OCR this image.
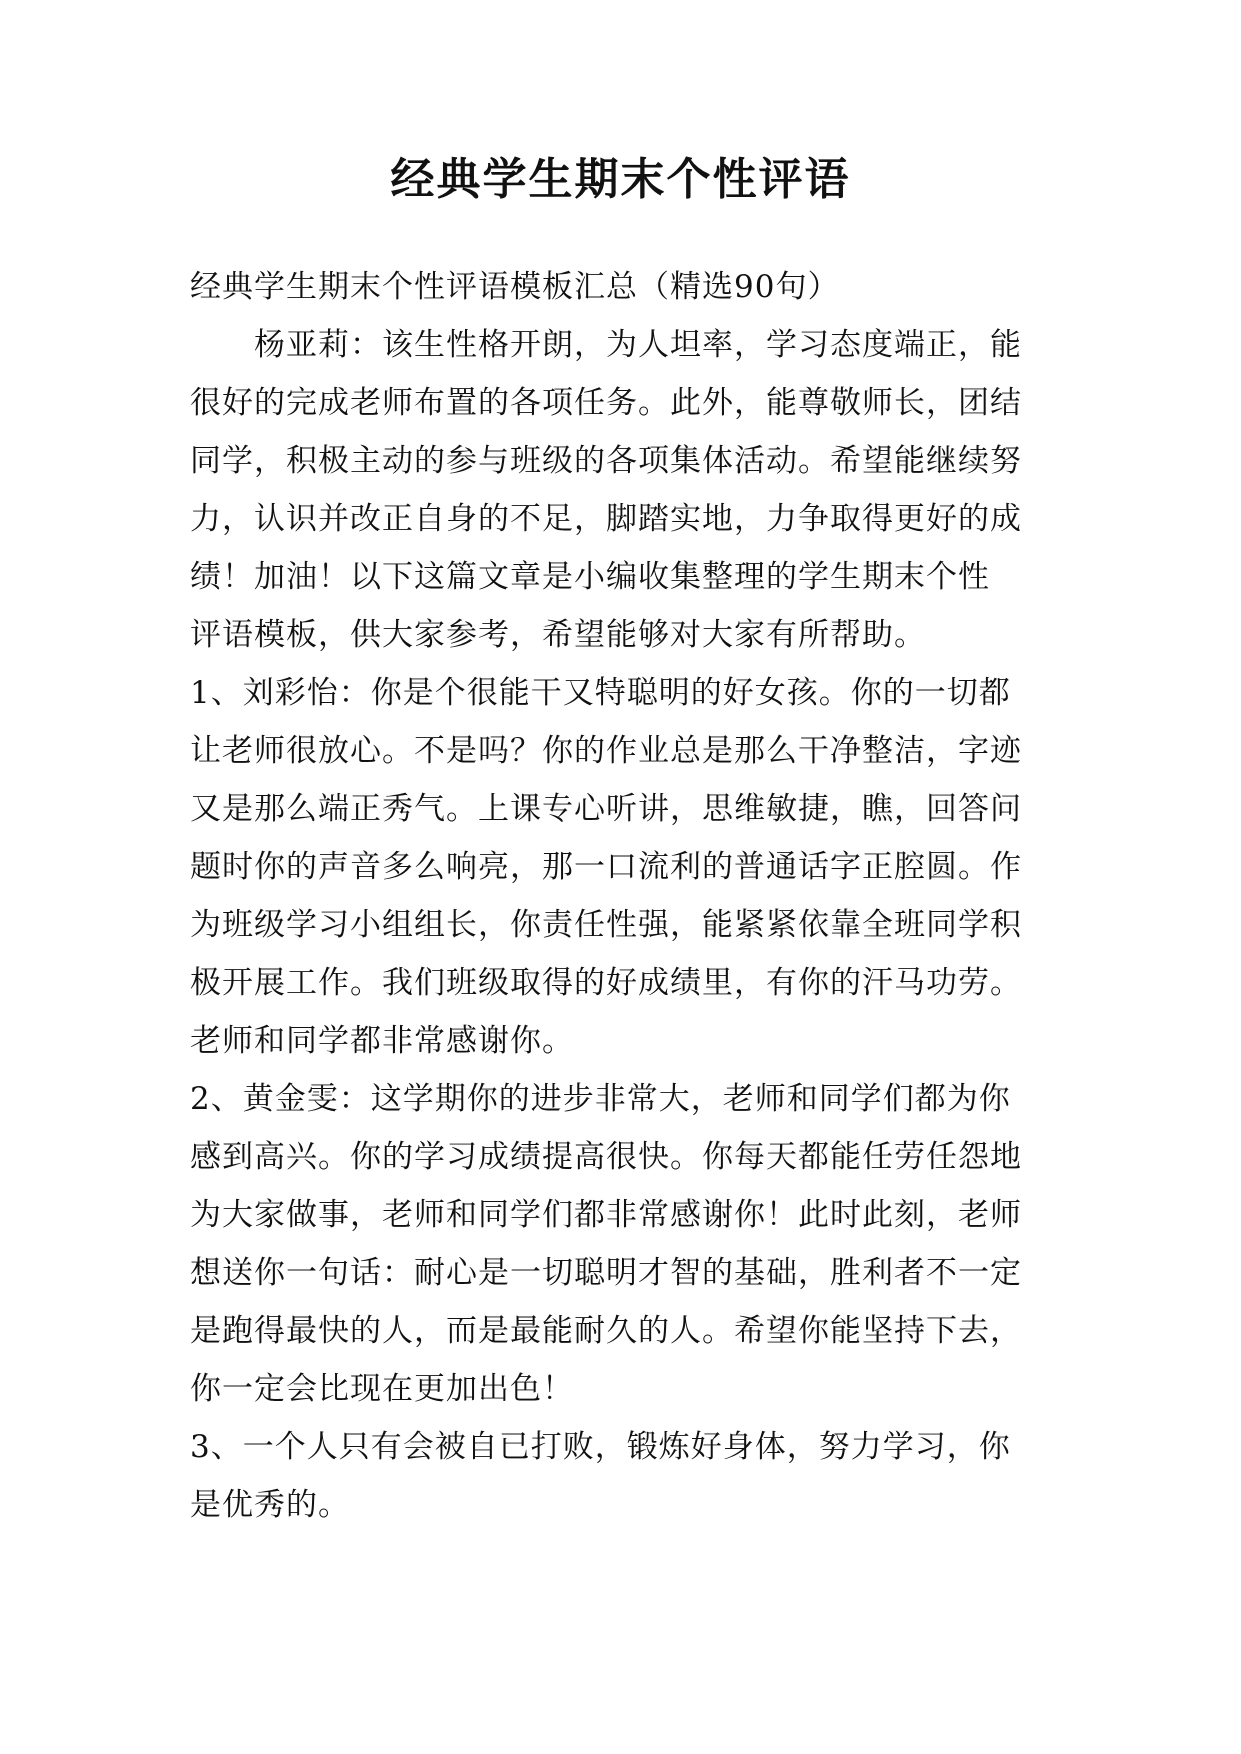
经典学生期末个性评语
经典学生期末个性评语模板汇总（精选90句）
杨亚莉：该生性格开朗，为人坦率，学习态度端正，能
很好的完成老师布置的各项任务。此外，能尊敬师长，团结
同学，积极主动的参与班级的各项集体活动。希望能继续努
力，认识并改正自身的不足，脚踏实地，力争取得更好的成
绩！加油！以下这篇文章是小编收集整理的学生期末个性
评语模板，供大家参考，希望能够对大家有所帮助。
1、刘彩怡：你是个很能干又特聪明的好女孩。你的一切都
让老师很放心。不是吗？你的作业总是那么干净整洁，字迹
又是那么端正秀气。上课专心听讲，思维敏捷，瞧，回答问
题时你的声音多么响亮，那一口流利的普通话字正腔圆。作
为班级学习小组组长，你责任性强，能紧紧依靠全班同学积
极开展工作。我们班级取得的好成绩里，有你的汗马功劳。
老师和同学都非常感谢你。
2、黄金雯：这学期你的进步非常大，老师和同学们都为你
感到高兴。你的学习成绩提高很快。你每天都能任劳任怨地
为大家做事，老师和同学们都非常感谢你！此时此刻，老师
想送你一句话：耐心是一切聪明才智的基础，胜利者不一定
是跑得最快的人，而是最能耐久的人。希望你能坚持下去，
你一定会比现在更加出色！
3、一个人只有会被自已打败，锻炼好身体，努力学习，你
是优秀的。
